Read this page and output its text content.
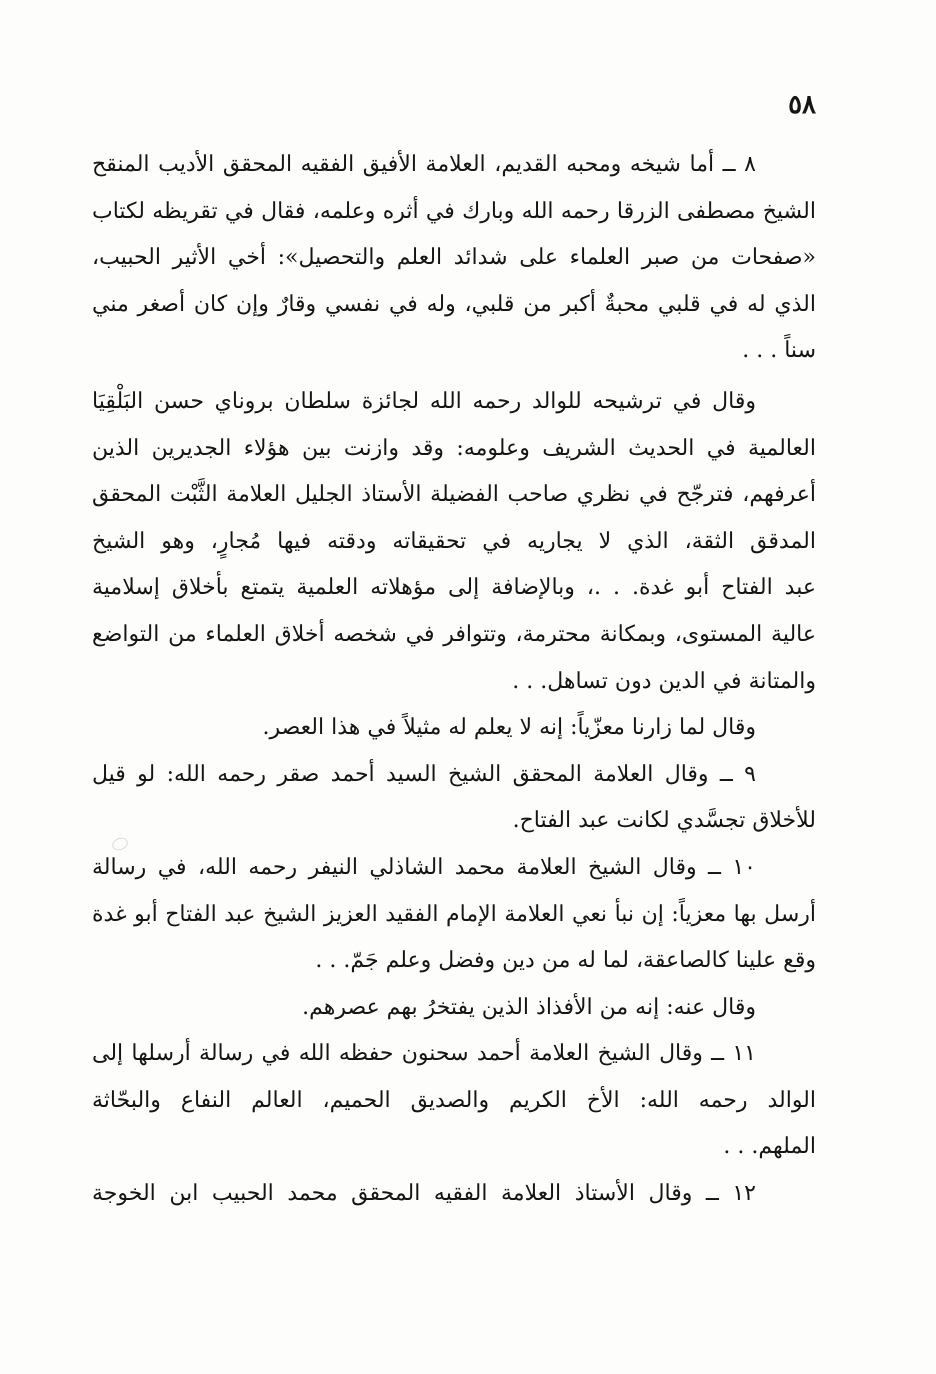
٥٨
٨ ــ أما شيخه ومحبه القديم، العلامة الأفيق الفقيه المحقق الأديب المنقح
الشيخ مصطفى الزرقا رحمه الله وبارك في أثره وعلمه، فقال في تقريظه لكتاب
«صفحات من صبر العلماء على شدائد العلم والتحصيل»: أخي الأثير الحبيب،
الذي له في قلبي محبةٌ أكبر من قلبي، وله في نفسي وقارٌ وإن كان أصغر مني
سناً . . .
وقال في ترشيحه للوالد رحمه الله لجائزة سلطان بروناي حسن البَلْقِيَا
العالمية في الحديث الشريف وعلومه: وقد وازنت بين هؤلاء الجديرين الذين
أعرفهم، فترجّح في نظري صاحب الفضيلة الأستاذ الجليل العلامة الثَّبْت المحقق
المدقق الثقة، الذي لا يجاريه في تحقيقاته ودقته فيها مُجارٍ، وهو الشيخ
عبد الفتاح أبو غدة. . .، وبالإضافة إلى مؤهلاته العلمية يتمتع بأخلاق إسلامية
عالية المستوى، وبمكانة محترمة، وتتوافر في شخصه أخلاق العلماء من التواضع
والمتانة في الدين دون تساهل. . .
وقال لما زارنا معزّياً: إنه لا يعلم له مثيلاً في هذا العصر.
٩ ــ وقال العلامة المحقق الشيخ السيد أحمد صقر رحمه الله: لو قيل
للأخلاق تجسَّدي لكانت عبد الفتاح.
١٠ ــ وقال الشيخ العلامة محمد الشاذلي النيفر رحمه الله، في رسالة
أرسل بها معزياً: إن نبأ نعي العلامة الإمام الفقيد العزيز الشيخ عبد الفتاح أبو غدة
وقع علينا كالصاعقة، لما له من دين وفضل وعلم جَمّ. . .
وقال عنه: إنه من الأفذاذ الذين يفتخرُ بهم عصرهم.
١١ ــ وقال الشيخ العلامة أحمد سحنون حفظه الله في رسالة أرسلها إلى
الوالد رحمه الله: الأخ الكريم والصديق الحميم، العالم النفاع والبحّاثة
الملهم. . .
١٢ ــ وقال الأستاذ العلامة الفقيه المحقق محمد الحبيب ابن الخوجة
